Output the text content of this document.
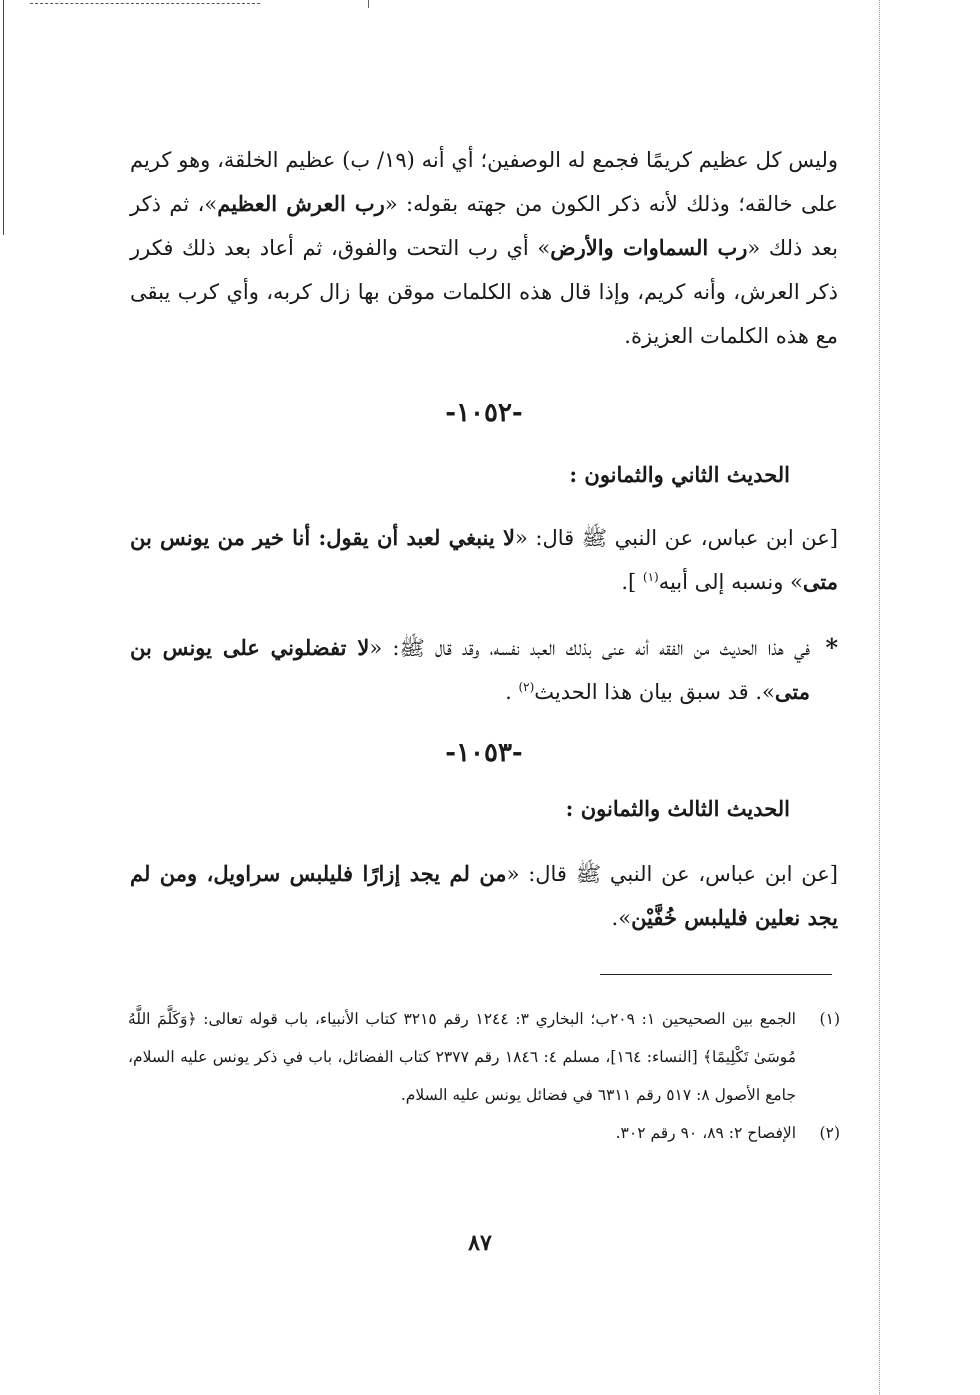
وليس كل عظيم كريمًا فجمع له الوصفين؛ أي أنه (١٩/ ب) عظيم الخلقة، وهو كريم على خالقه؛ وذلك لأنه ذكر الكون من جهته بقوله: «رب العرش العظيم»، ثم ذكر بعد ذلك «رب السماوات والأرض» أي رب التحت والفوق، ثم أعاد بعد ذلك فكرر ذكر العرش، وأنه كريم، وإذا قال هذه الكلمات موقن بها زال كربه، وأي كرب يبقى مع هذه الكلمات العزيزة.

-١٠٥٢-
الحديث الثاني والثمانون :

[عن ابن عباس، عن النبي ﷺ قال: «لا ينبغي لعبد أن يقول: أنا خير من يونس بن متى» ونسبه إلى أبيه$^{(١)}$ ].

*

في هذا الحديث من الفقه أنه عنى بذلك العبد نفسه، وقد قال ﷺ: «لا تفضلوني على يونس بن متى». قد سبق بيان هذا الحديث$^{(٢)}$ .

-١٠٥٣-
الحديث الثالث والثمانون :

[عن ابن عباس، عن النبي ﷺ قال: «من لم يجد إزارًا فليلبس سراويل، ومن لم يجد نعلين فليلبس خُفَّيْن».

(١)
الجمع بين الصحيحين ١: ٢٠٩ب؛ البخاري ٣: ١٢٤٤ رقم ٣٢١٥ كتاب الأنبياء، باب قوله تعالى: ﴿وَكَلَّمَ اللَّهُ مُوسَىٰ تَكْلِيمًا﴾ [النساء: ١٦٤]، مسلم ٤: ١٨٤٦ رقم ٢٣٧٧ كتاب الفضائل، باب في ذكر يونس عليه السلام، جامع الأصول ٨: ٥١٧ رقم ٦٣١١ في فضائل يونس عليه السلام.
(٢)
الإفصاح ٢: ٨٩، ٩٠ رقم ٣٠٢.
٨٧
